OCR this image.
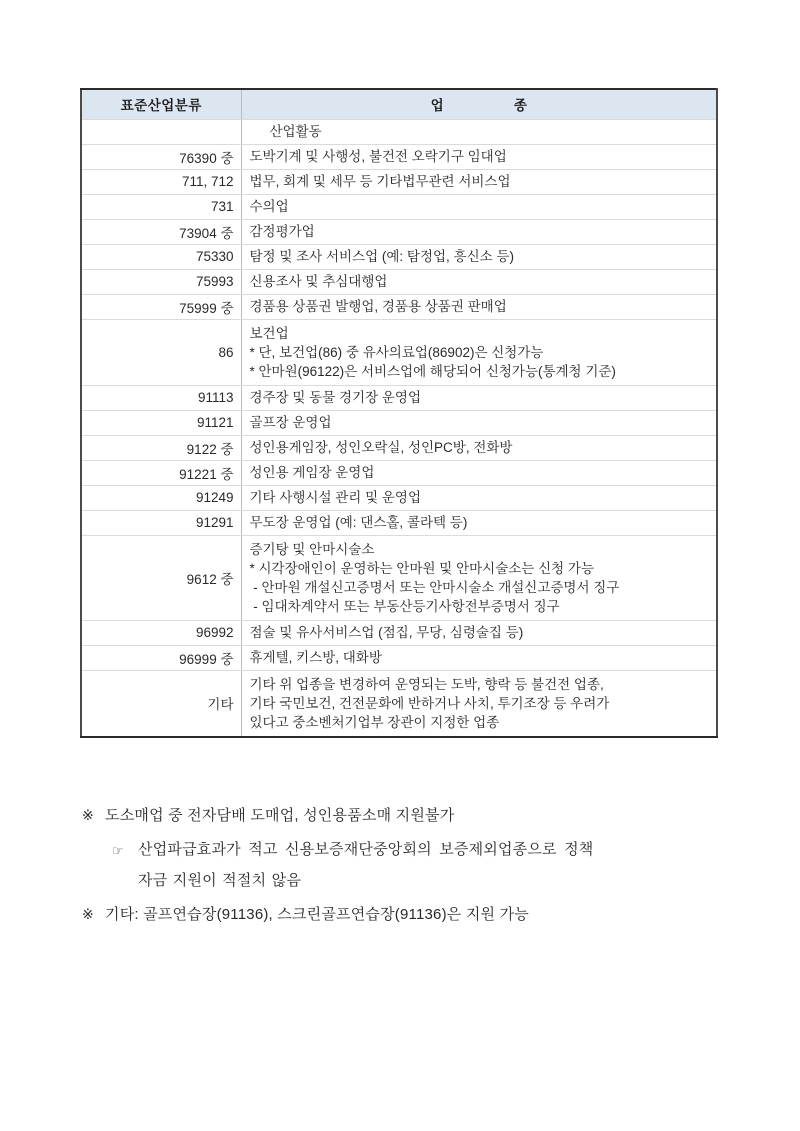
표준산업분류	업 종

	산업활동

76390 중	도박기계 및 사행성, 불건전 오락기구 임대업

711, 712	법무, 회계 및 세무 등 기타법무관련 서비스업

731	수의업

73904 중	감정평가업

75330	탐정 및 조사 서비스업 (예: 탐정업, 흥신소 등)

75993	신용조사 및 추심대행업

75999 중	경품용 상품권 발행업, 경품용 상품권 판매업

86	보건업
* 단, 보건업(86) 중 유사의료업(86902)은 신청가능
* 안마원(96122)은 서비스업에 해당되어 신청가능(통계청 기준)

91113	경주장 및 동물 경기장 운영업

91121	골프장 운영업

9122 중	성인용게임장, 성인오락실, 성인PC방, 전화방

91221 중	성인용 게임장 운영업

91249	기타 사행시설 관리 및 운영업

91291	무도장 운영업 (예: 댄스홀, 콜라텍 등)

9612 중	증기탕 및 안마시술소
* 시각장애인이 운영하는 안마원 및 안마시술소는 신청 가능
- 안마원 개설신고증명서 또는 안마시술소 개설신고증명서 징구
- 임대차계약서 또는 부동산등기사항전부증명서 징구

96992	점술 및 유사서비스업 (점집, 무당, 심령술집 등)

96999 중	휴게텔, 키스방, 대화방

기타	기타 위 업종을 변경하여 운영되는 도박, 향락 등 불건전 업종,
기타 국민보건, 건전문화에 반하거나 사치, 투기조장 등 우려가
있다고 중소벤처기업부 장관이 지정한 업종
※ 도소매업 중 전자담배 도매업, 성인용품소매 지원불가
☞ 산업파급효과가 적고 신용보증재단중앙회의 보증제외업종으로 정책
자금 지원이 적절치 않음
※ 기타: 골프연습장(91136), 스크린골프연습장(91136)은 지원 가능
